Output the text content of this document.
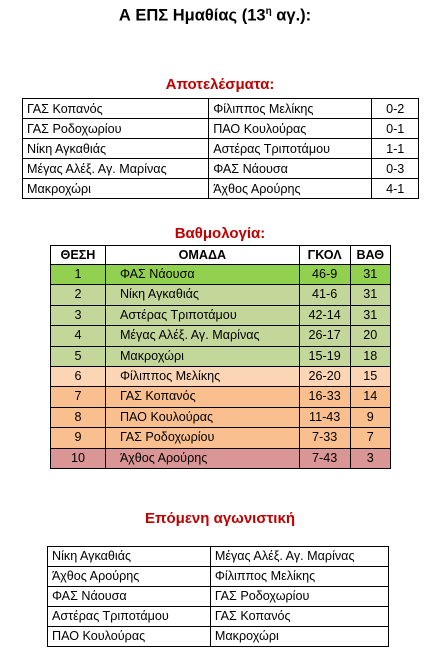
Α ΕΠΣ Ημαθίας ($13^\eta$ αγ.):
Αποτελέσματα:
ΓΑΣ Κοπανός	Φίλιππος Μελίκης	0-2
ΓΑΣ Ροδοχωρίου	ΠΑΟ Κουλούρας	0-1
Νίκη Αγκαθιάς	Αστέρας Τριποτάμου	1-1
Μέγας Αλέξ. Αγ. Μαρίνας	ΦΑΣ Νάουσα	0-3
Μακροχώρι	Άχθος Αρούρης	4-1
Βαθμολογία:
ΘΕΣΗ	ΟΜΑΔΑ	ΓΚΟΛ	ΒΑΘ
1	ΦΑΣ Νάουσα	46-9	31
2	Νίκη Αγκαθιάς	41-6	31
3	Αστέρας Τριποτάμου	42-14	31
4	Μέγας Αλέξ. Αγ. Μαρίνας	26-17	20
5	Μακροχώρι	15-19	18
6	Φίλιππος Μελίκης	26-20	15
7	ΓΑΣ Κοπανός	16-33	14
8	ΠΑΟ Κουλούρας	11-43	9
9	ΓΑΣ Ροδοχωρίου	7-33	7
10	Άχθος Αρούρης	7-43	3
Επόμενη αγωνιστική
Νίκη Αγκαθιάς	Μέγας Αλέξ. Αγ. Μαρίνας
Άχθος Αρούρης	Φίλιππος Μελίκης
ΦΑΣ Νάουσα	ΓΑΣ Ροδοχωρίου
Αστέρας Τριποτάμου	ΓΑΣ Κοπανός
ΠΑΟ Κουλούρας	Μακροχώρι
